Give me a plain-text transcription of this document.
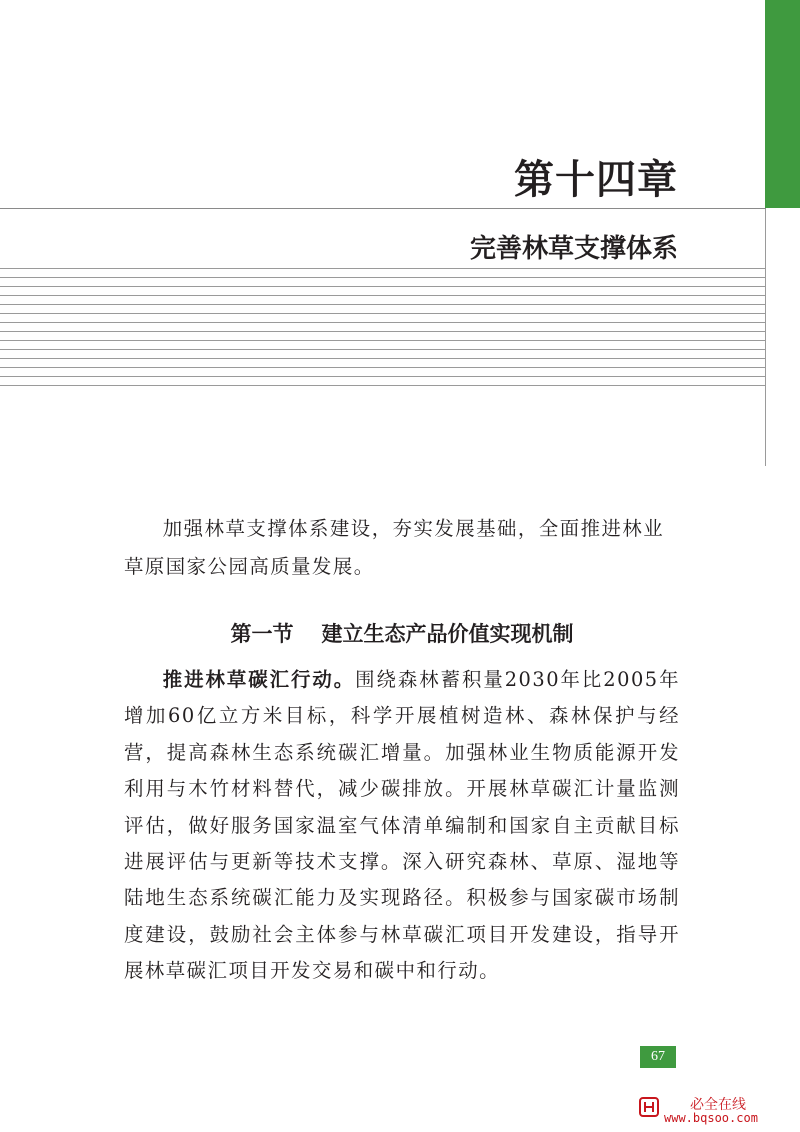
第十四章
完善林草支撑体系

加强林草支撑体系建设，夯实发展基础，全面推进林业草原国家公园高质量发展。

第一节 建立生态产品价值实现机制

推进林草碳汇行动。围绕森林蓄积量2030年比2005年增加60亿立方米目标，科学开展植树造林、森林保护与经营，提高森林生态系统碳汇增量。加强林业生物质能源开发利用与木竹材料替代，减少碳排放。开展林草碳汇计量监测评估，做好服务国家温室气体清单编制和国家自主贡献目标进展评估与更新等技术支撑。深入研究森林、草原、湿地等陆地生态系统碳汇能力及实现路径。积极参与国家碳市场制度建设，鼓励社会主体参与林草碳汇项目开发建设，指导开展林草碳汇项目开发交易和碳中和行动。

67
必全在线
www.bqsoo.com
